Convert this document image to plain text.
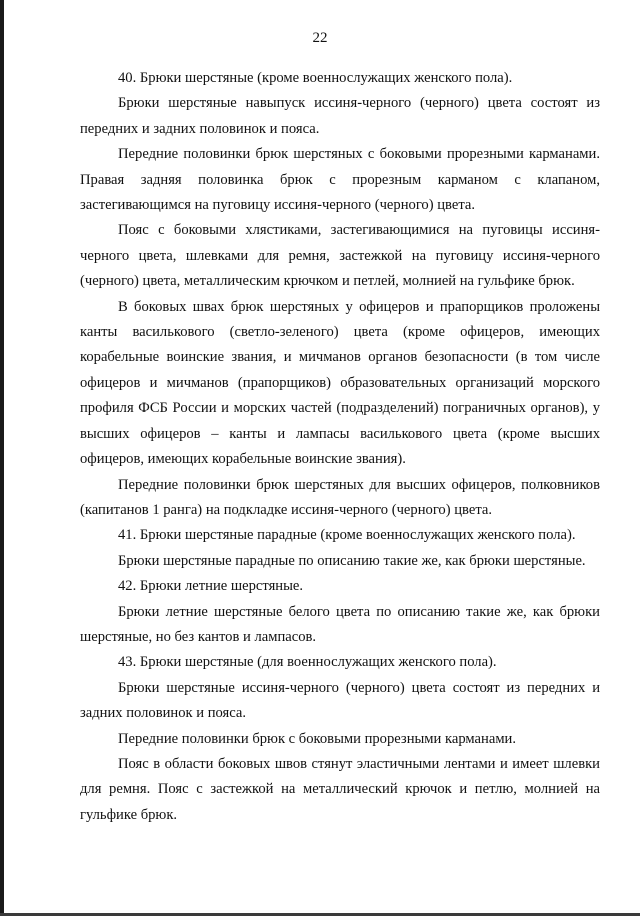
22

40. Брюки шерстяные (кроме военнослужащих женского пола).

Брюки шерстяные навыпуск иссиня-черного (черного) цвета состоят из передних и задних половинок и пояса.

Передние половинки брюк шерстяных с боковыми прорезными карманами. Правая задняя половинка брюк с прорезным карманом с клапаном, застегивающимся на пуговицу иссиня-черного (черного) цвета.

Пояс с боковыми хлястиками, застегивающимися на пуговицы иссиня-черного цвета, шлевками для ремня, застежкой на пуговицу иссиня-черного (черного) цвета, металлическим крючком и петлей, молнией на гульфике брюк.

В боковых швах брюк шерстяных у офицеров и прапорщиков проложены канты василькового (светло-зеленого) цвета (кроме офицеров, имеющих корабельные воинские звания, и мичманов органов безопасности (в том числе офицеров и мичманов (прапорщиков) образовательных организаций морского профиля ФСБ России и морских частей (подразделений) пограничных органов), у высших офицеров – канты и лампасы василькового цвета (кроме высших офицеров, имеющих корабельные воинские звания).

Передние половинки брюк шерстяных для высших офицеров, полковников (капитанов 1 ранга) на подкладке иссиня-черного (черного) цвета.

41. Брюки шерстяные парадные (кроме военнослужащих женского пола).

Брюки шерстяные парадные по описанию такие же, как брюки шерстяные.

42. Брюки летние шерстяные.

Брюки летние шерстяные белого цвета по описанию такие же, как брюки шерстяные, но без кантов и лампасов.

43. Брюки шерстяные (для военнослужащих женского пола).

Брюки шерстяные иссиня-черного (черного) цвета состоят из передних и задних половинок и пояса.

Передние половинки брюк с боковыми прорезными карманами.

Пояс в области боковых швов стянут эластичными лентами и имеет шлевки для ремня. Пояс с застежкой на металлический крючок и петлю, молнией на гульфике брюк.
